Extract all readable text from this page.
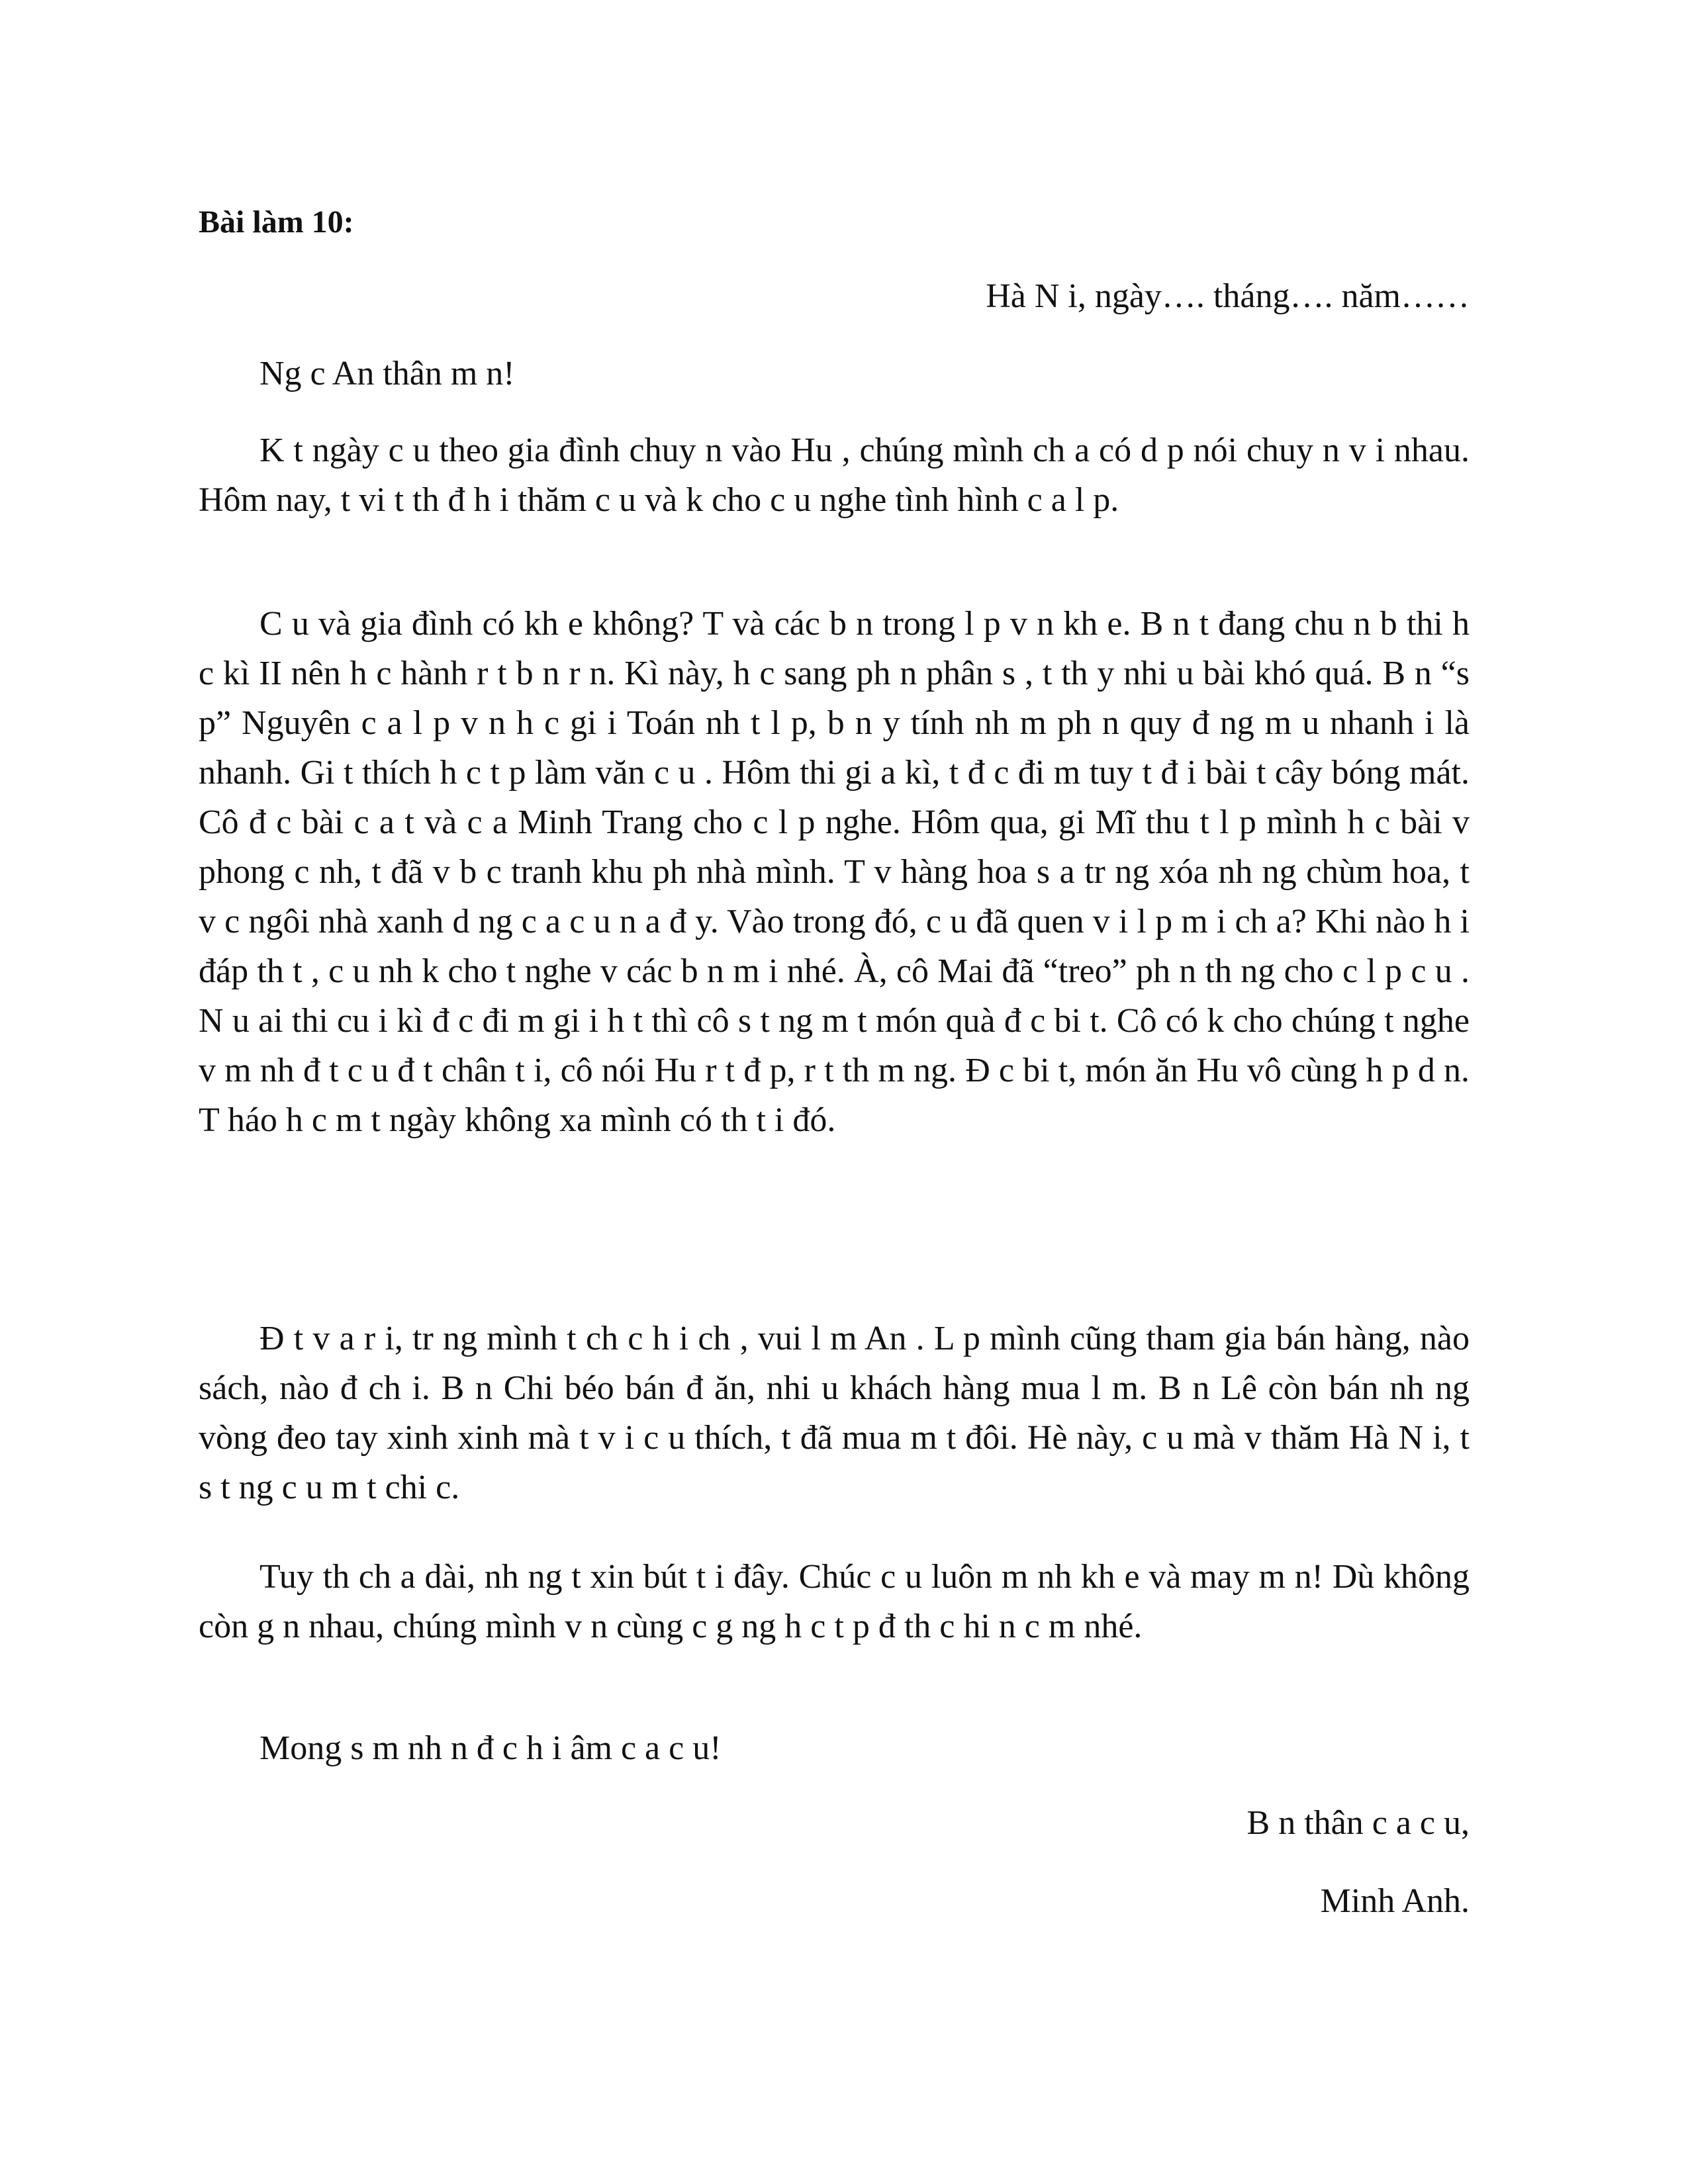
Bài làm 10:

Hà N i, ngày…. tháng…. năm……

Ng c An thân m n!

K t ngày c u theo gia đình chuy n vào Hu , chúng mình ch a có d p nói chuy n v i nhau. Hôm nay, t vi t th đ h i thăm c u và k cho c u nghe tình hình c a l p.

C u và gia đình có kh e không? T và các b n trong l p v n kh e. B n t đang chu n b thi h c kì II nên h c hành r t b n r n. Kì này, h c sang ph n phân s , t th y nhi u bài khó quá. B n “s p” Nguyên c a l p v n h c gi i Toán nh t l p, b n y tính nh m ph n quy đ ng m u nhanh i là nhanh. Gi t thích h c t p làm văn c u . Hôm thi gi a kì, t đ c đi m tuy t đ i bài t cây bóng mát. Cô đ c bài c a t và c a Minh Trang cho c l p nghe. Hôm qua, gi Mĩ thu t l p mình h c bài v phong c nh, t đã v b c tranh khu ph nhà mình. T v hàng hoa s a tr ng xóa nh ng chùm hoa, t v c ngôi nhà xanh d ng c a c u n a đ y. Vào trong đó, c u đã quen v i l p m i ch a? Khi nào h i đáp th t , c u nh k cho t nghe v các b n m i nhé. À, cô Mai đã “treo” ph n th ng cho c l p c u . N u ai thi cu i kì đ c đi m gi i h t thì cô s t ng m t món quà đ c bi t. Cô có k cho chúng t nghe v m nh đ t c u đ t chân t i, cô nói Hu r t đ p, r t th m ng. Đ c bi t, món ăn Hu vô cùng h p d n. T háo h c m t ngày không xa mình có th t i đó.

Đ t v a r i, tr ng mình t ch c h i ch , vui l m An . L p mình cũng tham gia bán hàng, nào sách, nào đ ch i. B n Chi béo bán đ ăn, nhi u khách hàng mua l m. B n Lê còn bán nh ng vòng đeo tay xinh xinh mà t v i c u thích, t đã mua m t đôi. Hè này, c u mà v thăm Hà N i, t s t ng c u m t chi c.

Tuy th ch a dài, nh ng t xin bút t i đây. Chúc c u luôn m nh kh e và may m n! Dù không còn g n nhau, chúng mình v n cùng c g ng h c t p đ th c hi n c m nhé.

Mong s m nh n đ c h i âm c a c u!

B n thân c a c u,

Minh Anh.
